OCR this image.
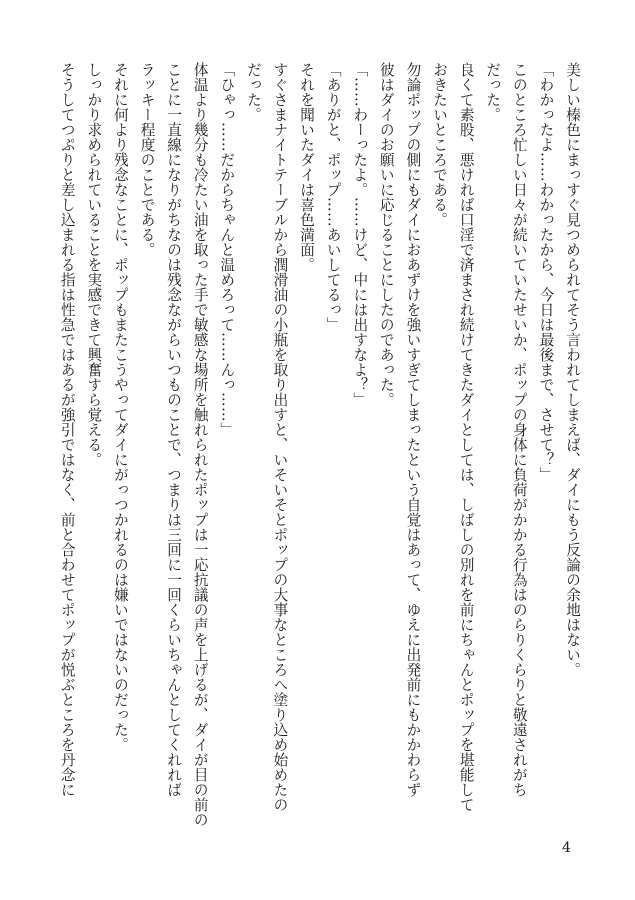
美しい榛色にまっすぐ見つめられてそう言われてしまえば、ダイにもう反論の余地はない。
「わかったよ……わかったから、今日は最後まで、させて？」
このところ忙しい日々が続いていたせいか、ポップの身体に負荷がかかる行為はのらりくらりと敬遠されがち
だった。
良くて素股、悪ければ口淫で済まされ続けてきたダイとしては、しばしの別れを前にちゃんとポップを堪能して
おきたいところである。
勿論ポップの側にもダイにおあずけを強いすぎてしまったという自覚はあって、ゆえに出発前にもかかわらず
彼はダイのお願いに応じることにしたのであった。
「……わーったよ。……けど、中には出すなよ？」
「ありがと、ポップ……あいしてるっ」
それを聞いたダイは喜色満面。
すぐさまナイトテーブルから潤滑油の小瓶を取り出すと、いそいそとポップの大事なところへ塗り込め始めたの
だった。
「ひゃっ……だからちゃんと温めろって……んっ……」
体温より幾分も冷たい油を取った手で敏感な場所を触れられたポップは一応抗議の声を上げるが、ダイが目の前の
ことに一直線になりがちなのは残念ながらいつものことで、つまりは三回に一回くらいちゃんとしてくれれば
ラッキー程度のことである。
それに何より残念なことに、ポップもまたこうやってダイにがっつかれるのは嫌いではないのだった。
しっかり求められていることを実感できて興奮すら覚える。
そうしてつぷりと差し込まれる指は性急ではあるが強引ではなく、前と合わせてポップが悦ぶところを丹念に
4
